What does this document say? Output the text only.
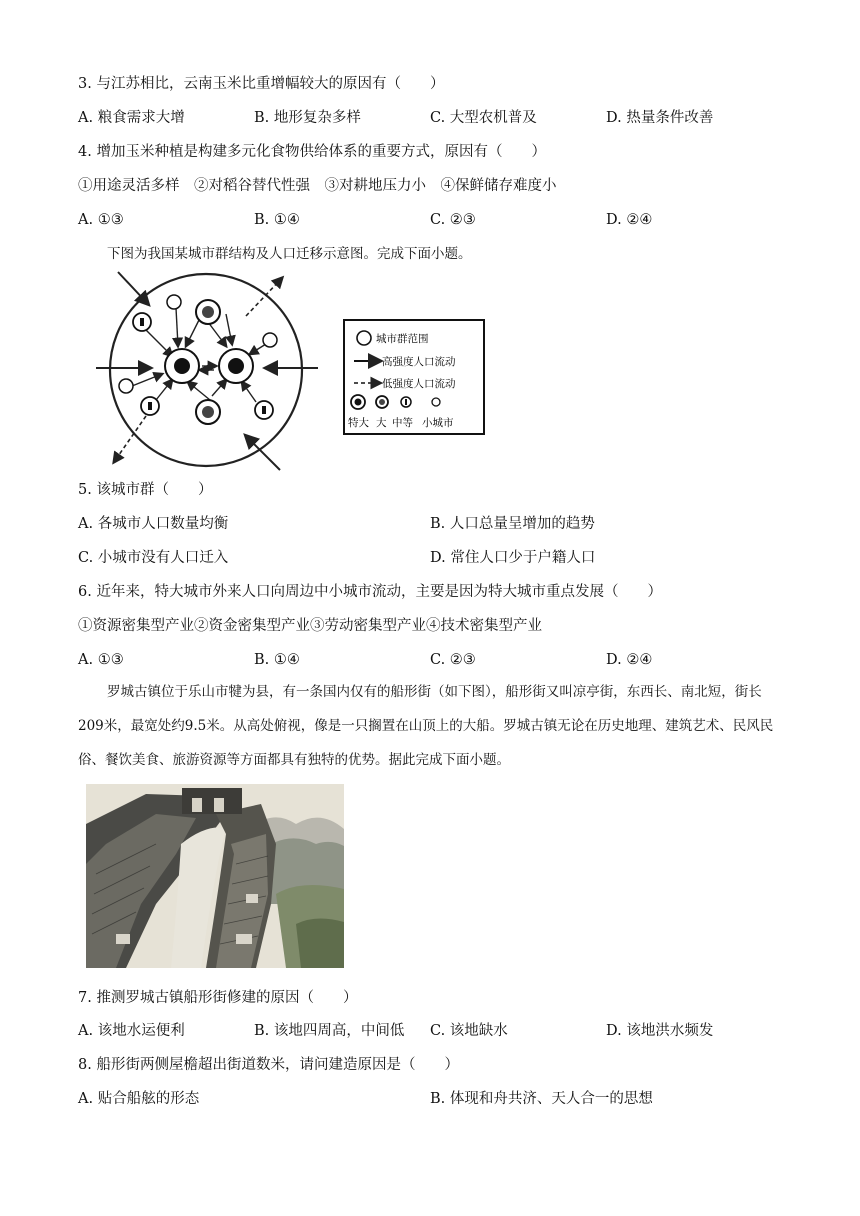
3. 与江苏相比，云南玉米比重增幅较大的原因有（　　）
A. 粮食需求大增	B. 地形复杂多样	C. 大型农机普及	D. 热量条件改善
4. 增加玉米种植是构建多元化食物供给体系的重要方式，原因有（　　）
①用途灵活多样　②对稻谷替代性强　③对耕地压力小　④保鲜储存难度小
A. ①③	B. ①④	C. ②③	D. ②④
下图为我国某城市群结构及人口迁移示意图。完成下面小题。
城市群范围
高强度人口流动
低强度人口流动
特大 大 中等 小城市
5. 该城市群（　　）
A. 各城市人口数量均衡	B. 人口总量呈增加的趋势
C. 小城市没有人口迁入	D. 常住人口少于户籍人口
6. 近年来，特大城市外来人口向周边中小城市流动，主要是因为特大城市重点发展（　　）
①资源密集型产业②资金密集型产业③劳动密集型产业④技术密集型产业
A. ①③	B. ①④	C. ②③	D. ②④
罗城古镇位于乐山市犍为县，有一条国内仅有的船形街（如下图），船形街又叫凉亭街，东西长、南北短，街长209米，最宽处约9.5米。从高处俯视，像是一只搁置在山顶上的大船。罗城古镇无论在历史地理、建筑艺术、民风民俗、餐饮美食、旅游资源等方面都具有独特的优势。据此完成下面小题。
7. 推测罗城古镇船形街修建的原因（　　）
A. 该地水运便利	B. 该地四周高，中间低 C. 该地缺水	D. 该地洪水频发
8. 船形街两侧屋檐超出街道数米，请问建造原因是（　　）
A. 贴合船舷的形态	B. 体现和舟共济、天人合一的思想
